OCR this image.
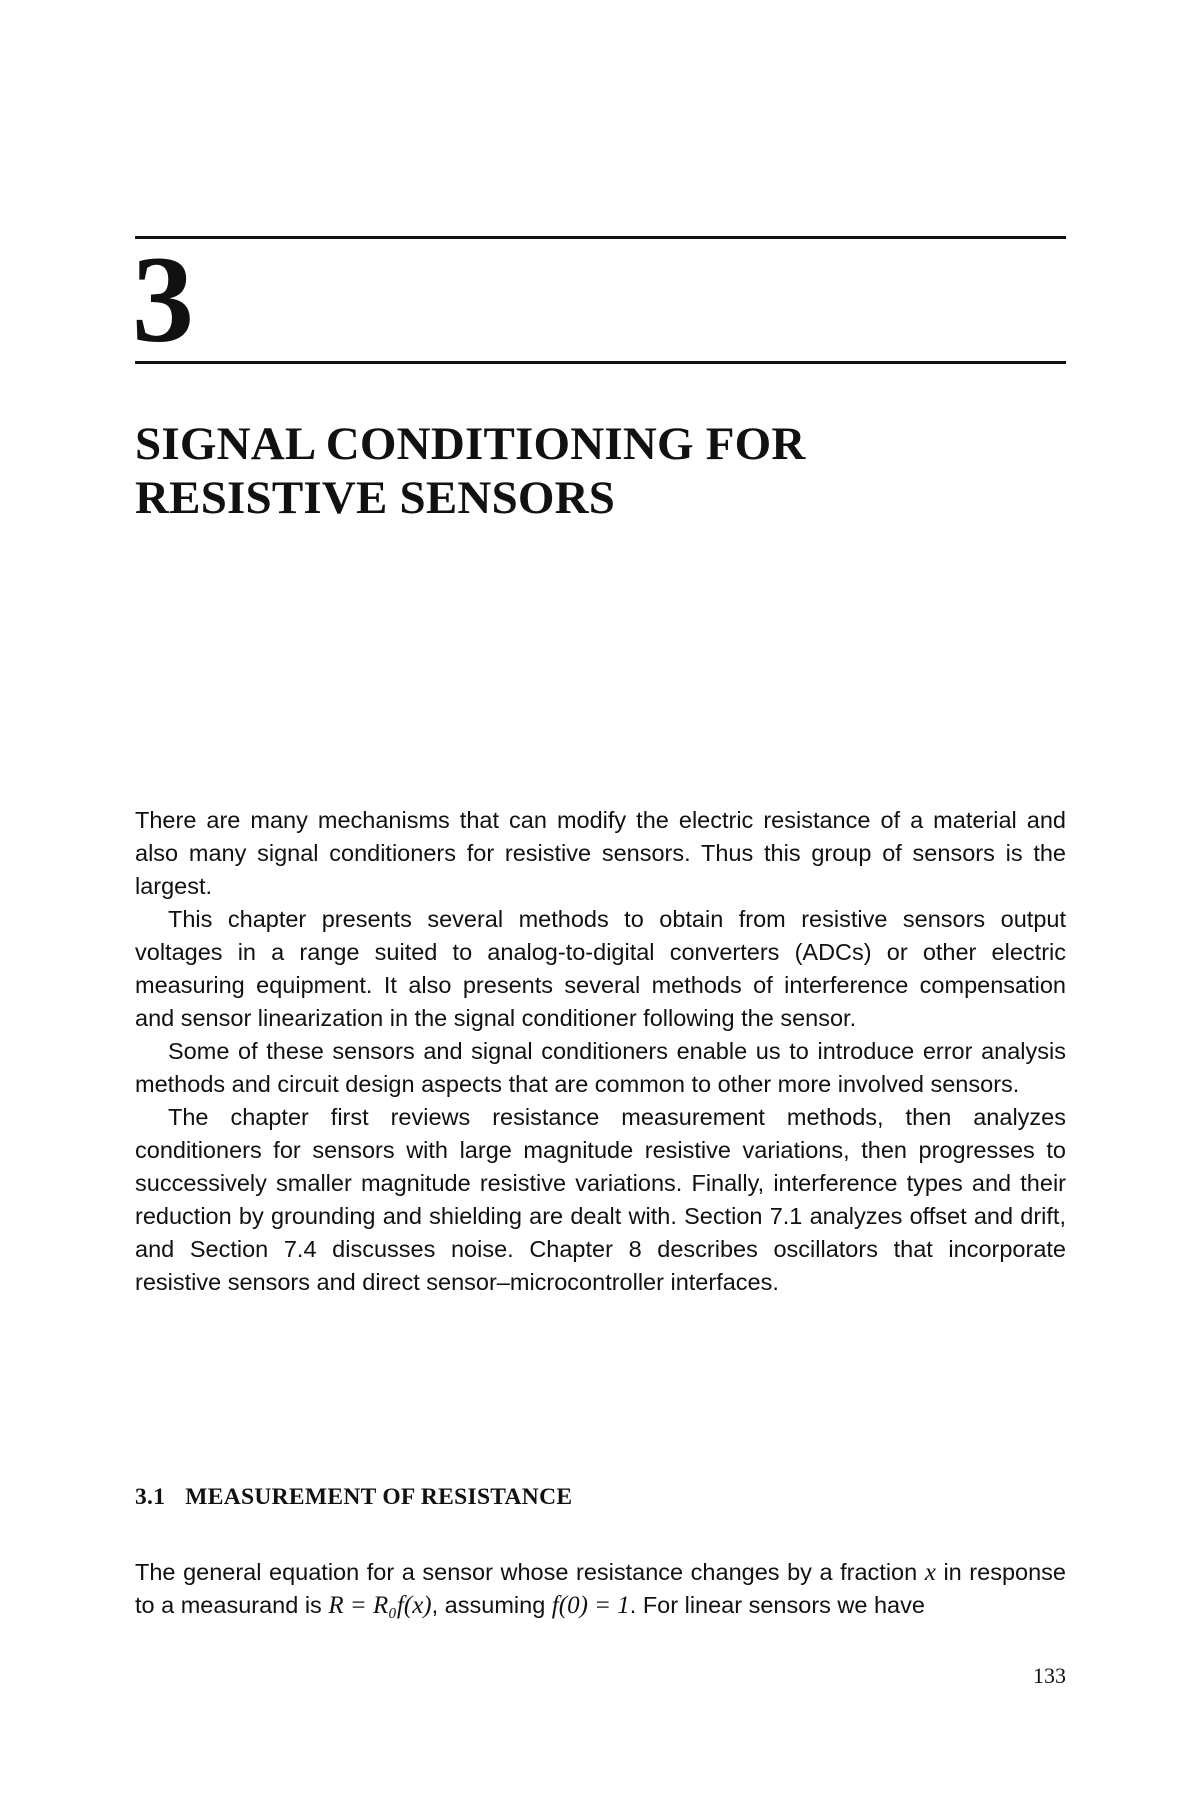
3
SIGNAL CONDITIONING FOR
RESISTIVE SENSORS

There are many mechanisms that can modify the electric resistance of a material and also many signal conditioners for resistive sensors. Thus this group of sensors is the largest.

This chapter presents several methods to obtain from resistive sensors output voltages in a range suited to analog-to-digital converters (ADCs) or other electric measuring equipment. It also presents several methods of interference compensation and sensor linearization in the signal conditioner following the sensor.

Some of these sensors and signal conditioners enable us to introduce error analysis methods and circuit design aspects that are common to other more involved sensors.

The chapter first reviews resistance measurement methods, then analyzes conditioners for sensors with large magnitude resistive variations, then progresses to successively smaller magnitude resistive variations. Finally, interference types and their reduction by grounding and shielding are dealt with. Section 7.1 analyzes offset and drift, and Section 7.4 discusses noise. Chapter 8 describes oscillators that incorporate resistive sensors and direct sensor–microcontroller interfaces.

3.1 MEASUREMENT OF RESISTANCE

The general equation for a sensor whose resistance changes by a fraction x in response to a measurand is R = R₀f(x), assuming f(0) = 1. For linear sensors we have

133
